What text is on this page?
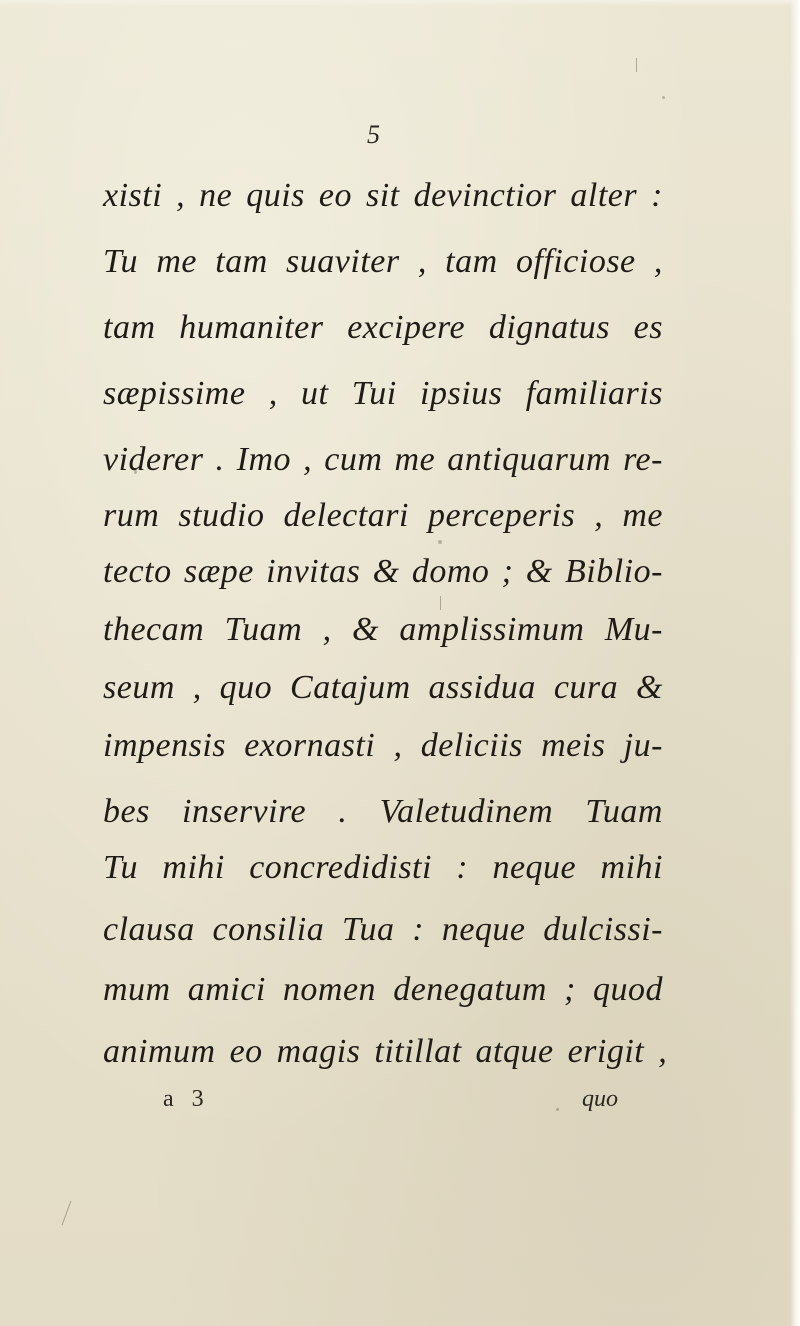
5
xisti , ne quis eo sit devinctior alter :
Tu me tam suaviter , tam officiose ,
tam humaniter excipere dignatus es
sæpissime , ut Tui ipsius familiaris
viderer . Imo , cum me antiquarum re-
rum studio delectari perceperis , me
tecto sæpe invitas & domo ; & Biblio-
thecam Tuam , & amplissimum Mu-
seum , quo Catajum assidua cura &
impensis exornasti , deliciis meis ju-
bes inservire . Valetudinem Tuam
Tu mihi concredidisti : neque mihi
clausa consilia Tua : neque dulcissi-
mum amici nomen denegatum ; quod
animum eo magis titillat atque erigit ,
a 3	quo
